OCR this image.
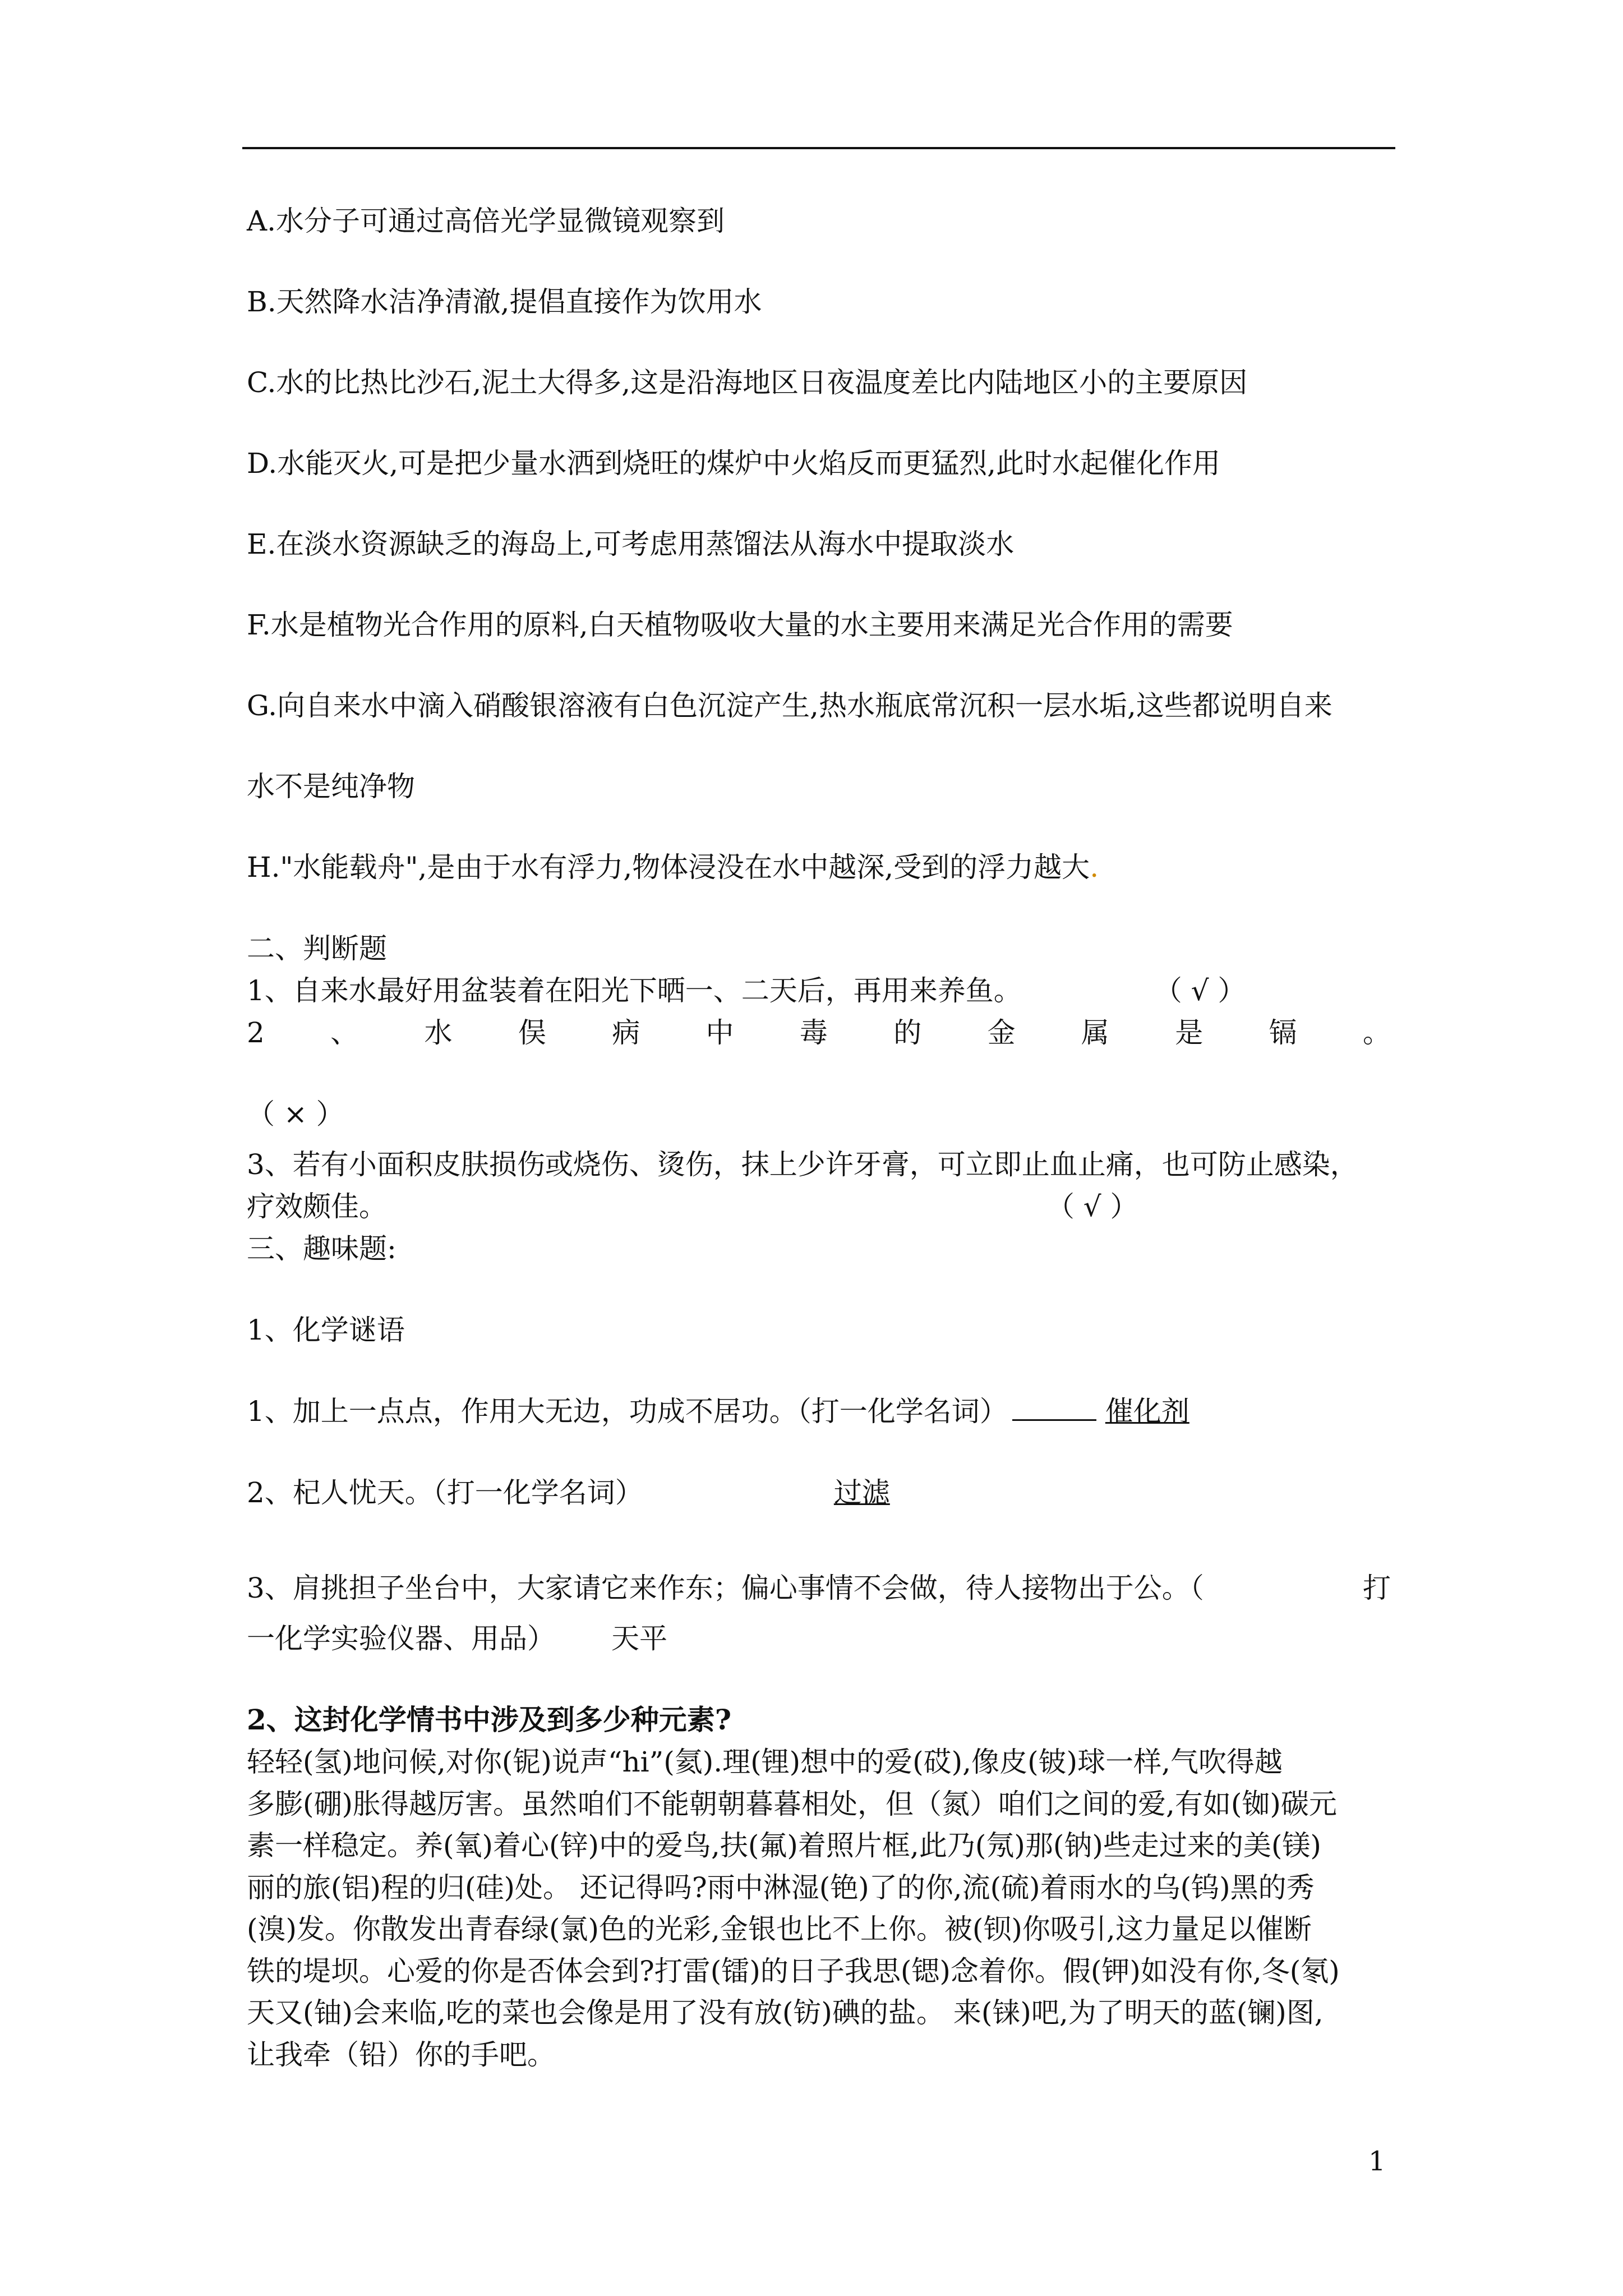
A.水分子可通过高倍光学显微镜观察到
B.天然降水洁净清澈,提倡直接作为饮用水
C.水的比热比沙石,泥土大得多,这是沿海地区日夜温度差比内陆地区小的主要原因
D.水能灭火,可是把少量水洒到烧旺的煤炉中火焰反而更猛烈,此时水起催化作用
E.在淡水资源缺乏的海岛上,可考虑用蒸馏法从海水中提取淡水
F.水是植物光合作用的原料,白天植物吸收大量的水主要用来满足光合作用的需要
G.向自来水中滴入硝酸银溶液有白色沉淀产生,热水瓶底常沉积一层水垢,这些都说明自来
水不是纯净物
H."水能载舟",是由于水有浮力,物体浸没在水中越深,受到的浮力越大.
二、判断题
1、自来水最好用盆装着在阳光下晒一、二天后，再用来养鱼。	（ √ ）
2 、 水 俣 病 中 毒 的 金 属 是 镉 。
（ × ）
3、若有小面积皮肤损伤或烧伤、烫伤，抹上少许牙膏，可立即止血止痛，也可防止感染，
疗效颇佳。	（ √ ）
三、趣味题:
1、化学谜语
1、加上一点点，作用大无边，功成不居功。（打一化学名词）	催化剂
2、杞人忧天。（打一化学名词）	过滤
3、肩挑担子坐台中，大家请它来作东；偏心事情不会做，待人接物出于公。（	打
一化学实验仪器、用品） 天平
2、这封化学情书中涉及到多少种元素?
轻轻(氢)地问候,对你(铌)说声“hi”(氦).理(锂)想中的爱(砹),像皮(铍)球一样,气吹得越
多膨(硼)胀得越厉害。虽然咱们不能朝朝暮暮相处，但（氮）咱们之间的爱,有如(铷)碳元
素一样稳定。养(氧)着心(锌)中的爱鸟,扶(氟)着照片框,此乃(氖)那(钠)些走过来的美(镁)
丽的旅(铝)程的归(硅)处。 还记得吗?雨中淋湿(铯)了的你,流(硫)着雨水的乌(钨)黑的秀
(溴)发。你散发出青春绿(氯)色的光彩,金银也比不上你。被(钡)你吸引,这力量足以催断
铁的堤坝。心爱的你是否体会到?打雷(镭)的日子我思(锶)念着你。假(钾)如没有你,冬(氡)
天又(铀)会来临,吃的菜也会像是用了没有放(钫)碘的盐。 来(铼)吧,为了明天的蓝(镧)图,
让我牵（铅）你的手吧。
1
